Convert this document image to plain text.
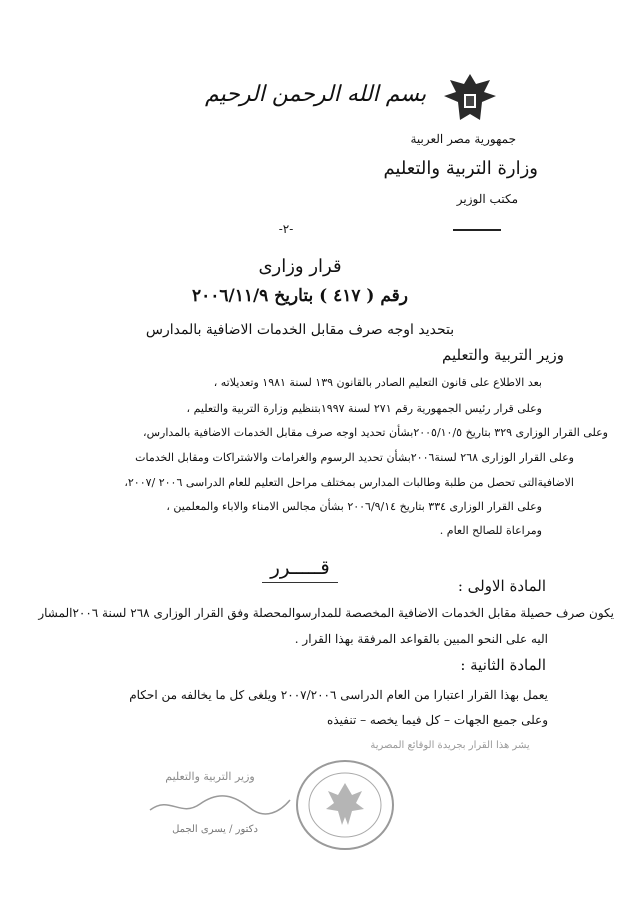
بسم الله الرحمن الرحيم
جمهورية مصر العربية
وزارة التربية والتعليم
مكتب الوزير
-٢-
قرار وزارى
رقم ( ٤١٧ ) بتاريخ ٢٠٠٦/١١/٩
بتحديد اوجه صرف مقابل الخدمات الاضافية بالمدارس
وزير التربية والتعليم
بعد الاطلاع على قانون التعليم الصادر بالقانون ١٣٩ لسنة ١٩٨١ وتعديلاته ،
وعلى قرار رئيس الجمهورية رقم ٢٧١ لسنة ١٩٩٧بتنظيم وزارة التربية والتعليم ،
وعلى القرار الوزارى ٣٢٩ بتاريخ ٢٠٠٥/١٠/٥بشأن تحديد اوجه صرف مقابل الخدمات الاضافية بالمدارس،
وعلى القرار الوزارى ٢٦٨ لسنة٢٠٠٦بشأن تحديد الرسوم والغرامات والاشتراكات ومقابل الخدمات
الاضافيةالتى تحصل من طلبة وطالبات المدارس بمختلف مراحل التعليم للعام الدراسى ٢٠٠٦ /٢٠٠٧،
وعلى القرار الوزارى ٣٣٤ بتاريخ ٢٠٠٦/٩/١٤ بشأن مجالس الامناء والاباء والمعلمين ،
ومراعاة للصالح العام .
قـــــرر
المادة الاولى :
يكون صرف حصيلة مقابل الخدمات الاضافية المخصصة للمدارسوالمحصلة وفق القرار الوزارى ٢٦٨ لسنة ٢٠٠٦المشار
اليه على النحو المبين بالقواعد المرفقة بهذا القرار .
المادة الثانية :
يعمل بهذا القرار اعتبارا من العام الدراسى ٢٠٠٧/٢٠٠٦ ويلغى كل ما يخالفه من احكام
وعلى جميع الجهات – كل فيما يخصه – تنفيذه
يشر هذا القرار بجريدة الوقائع المصرية
وزير التربية والتعليم
دكتور / يسرى الجمل
